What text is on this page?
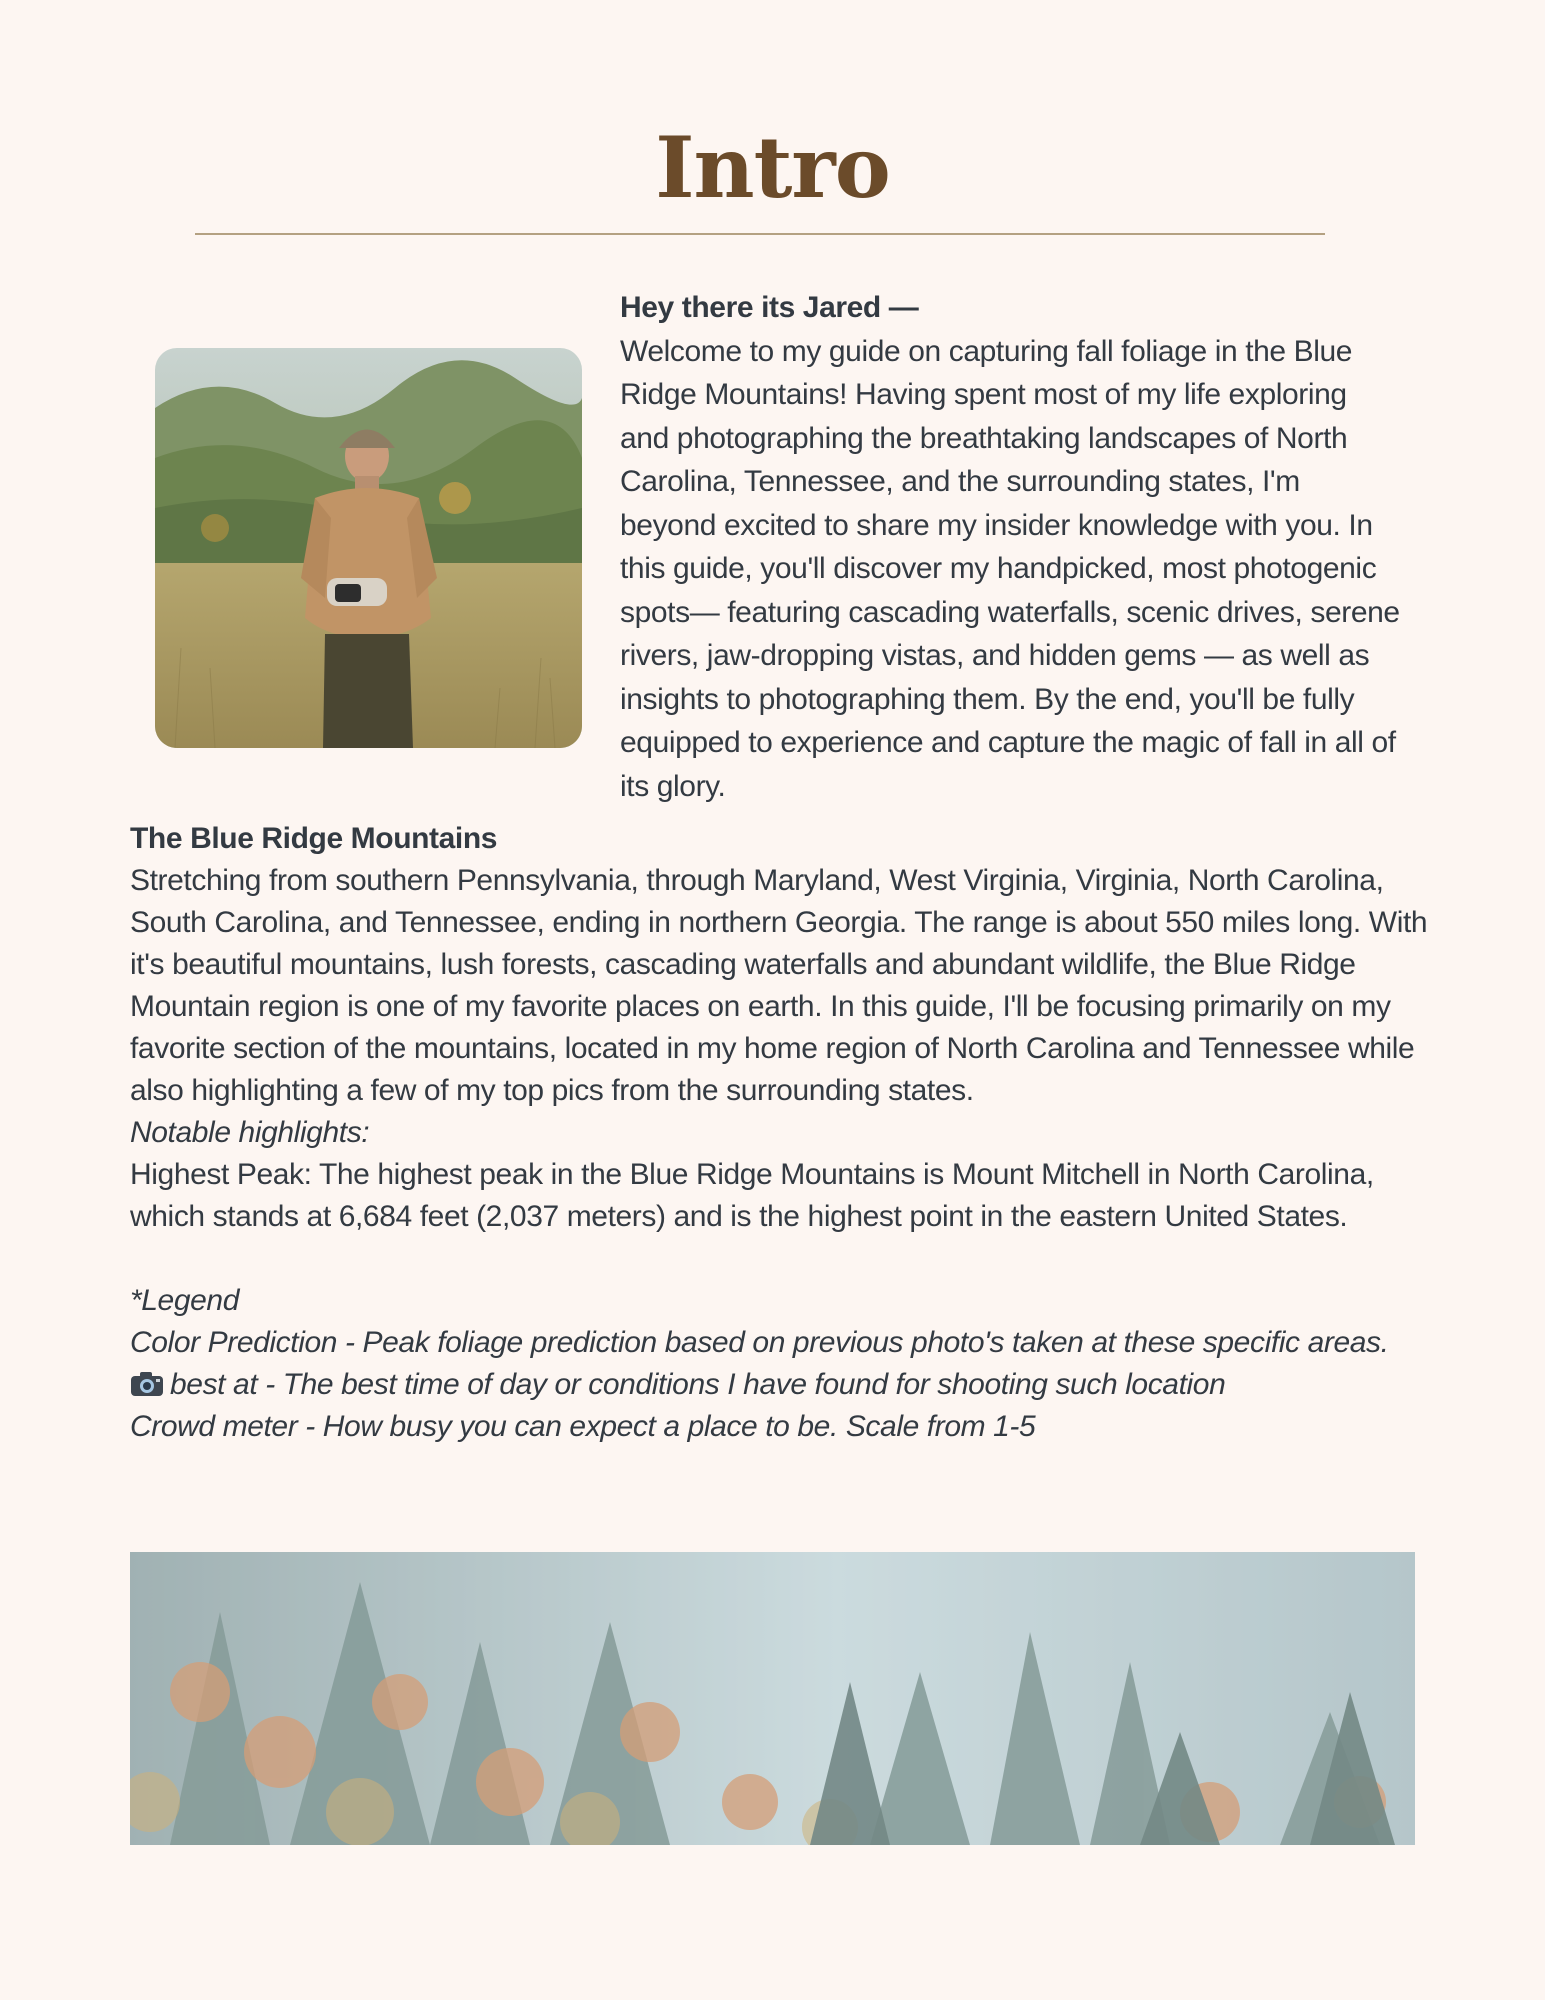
Intro
Hey there its Jared —
Welcome to my guide on capturing fall foliage in the Blue Ridge Mountains! Having spent most of my life exploring and photographing the breathtaking landscapes of North Carolina, Tennessee, and the surrounding states, I'm beyond excited to share my insider knowledge with you. In this guide, you'll discover my handpicked, most photogenic spots— featuring cascading waterfalls, scenic drives, serene rivers, jaw-dropping vistas, and hidden gems — as well as insights to photographing them. By the end, you'll be fully equipped to experience and capture the magic of fall in all of its glory.

The Blue Ridge Mountains

Stretching from southern Pennsylvania, through Maryland, West Virginia, Virginia, North Carolina, South Carolina, and Tennessee, ending in northern Georgia. The range is about 550 miles long. With it's beautiful mountains, lush forests, cascading waterfalls and abundant wildlife, the Blue Ridge Mountain region is one of my favorite places on earth. In this guide, I'll be focusing primarily on my favorite section of the mountains, located in my home region of North Carolina and Tennessee while also highlighting a few of my top pics from the surrounding states.

Notable highlights:

Highest Peak: The highest peak in the Blue Ridge Mountains is Mount Mitchell in North Carolina, which stands at 6,684 feet (2,037 meters) and is the highest point in the eastern United States.

*Legend
Color Prediction - Peak foliage prediction based on previous photo's taken at these specific areas.
best at - The best time of day or conditions I have found for shooting such location
Crowd meter - How busy you can expect a place to be. Scale from 1-5
